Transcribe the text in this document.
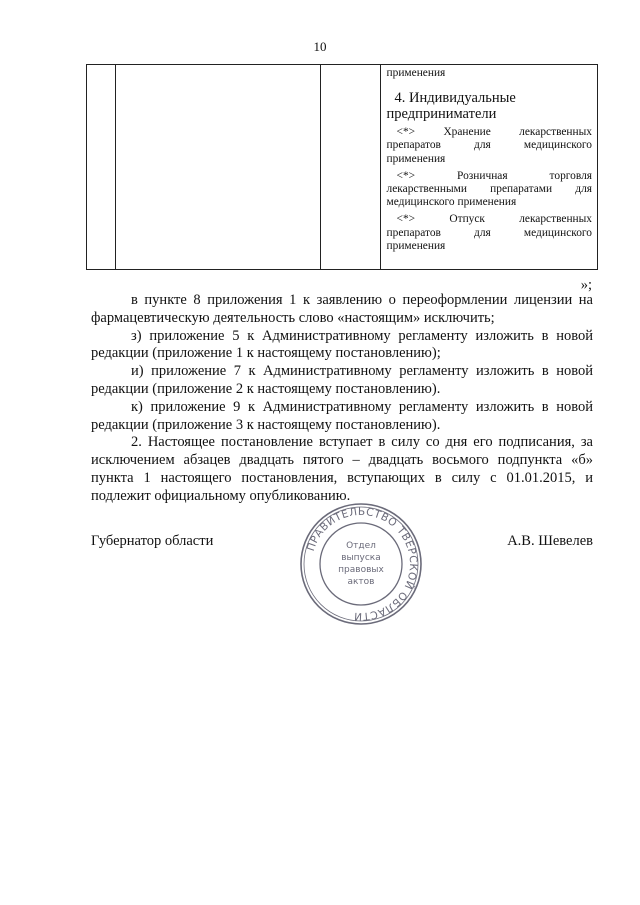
10

применения
4. Индивидуальные предприниматели
<*> Хранение лекарственных
препаратов для медицинского
применения
<*>	Розничная торговля
лекарственными препаратами для
медицинского применения
<*>	Отпуск лекарственных
препаратов для медицинского
применения
»;

в пункте 8 приложения 1 к заявлению о переоформлении лицензии на

фармацевтическую деятельность слово «настоящим» исключить;

з) приложение 5 к Административному регламенту изложить в новой

редакции (приложение 1 к настоящему постановлению);

и) приложение 7 к Административному регламенту изложить в новой

редакции (приложение 2 к настоящему постановлению).

к) приложение 9 к Административному регламенту изложить в новой

редакции (приложение 3 к настоящему постановлению).

2. Настоящее постановление вступает в силу со дня его подписания, за

исключением абзацев двадцать пятого – двадцать восьмого подпункта «б»

пункта 1 настоящего постановления, вступающих в силу с 01.01.2015, и

подлежит официальному опубликованию.

Губернатор области	А.В. Шевелев
ПРАВИТЕЛЬСТВО ТВЕРСКОЙ ОБЛАСТИ
Отдел
выпуска
правовых
актов
